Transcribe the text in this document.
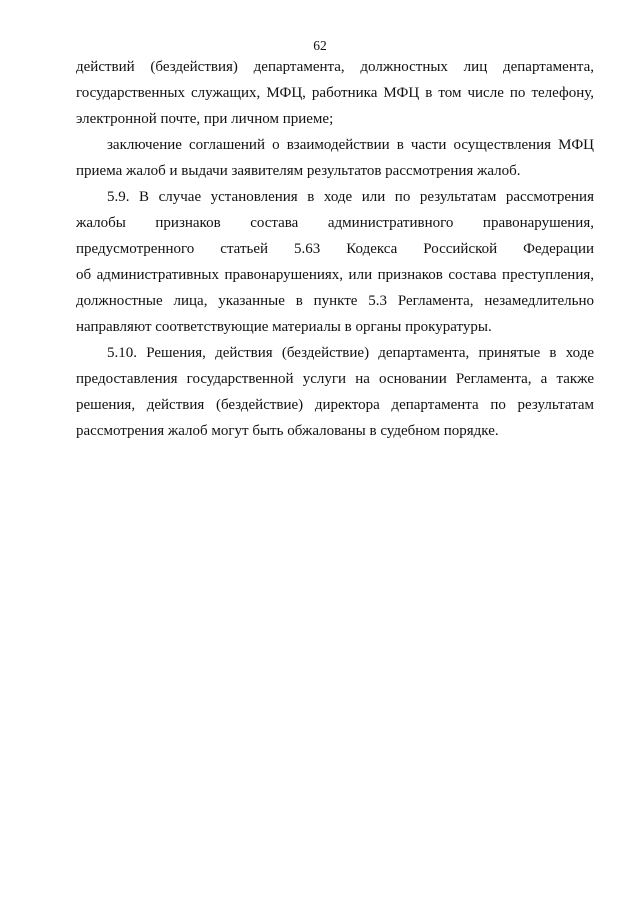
62
действий (бездействия) департамента, должностных лиц департамента,
государственных служащих, МФЦ, работника МФЦ в том числе по телефону,
электронной почте, при личном приеме;
заключение соглашений о взаимодействии в части осуществления МФЦ
приема жалоб и выдачи заявителям результатов рассмотрения жалоб.
5.9. В случае установления в ходе или по результатам рассмотрения
жалобы признаков состава административного правонарушения,
предусмотренного статьей 5.63 Кодекса Российской Федерации
об административных правонарушениях, или признаков состава преступления,
должностные лица, указанные в пункте 5.3 Регламента, незамедлительно
направляют соответствующие материалы в органы прокуратуры.
5.10. Решения, действия (бездействие) департамента, принятые в ходе
предоставления государственной услуги на основании Регламента, а также
решения, действия (бездействие) директора департамента по результатам
рассмотрения жалоб могут быть обжалованы в судебном порядке.
